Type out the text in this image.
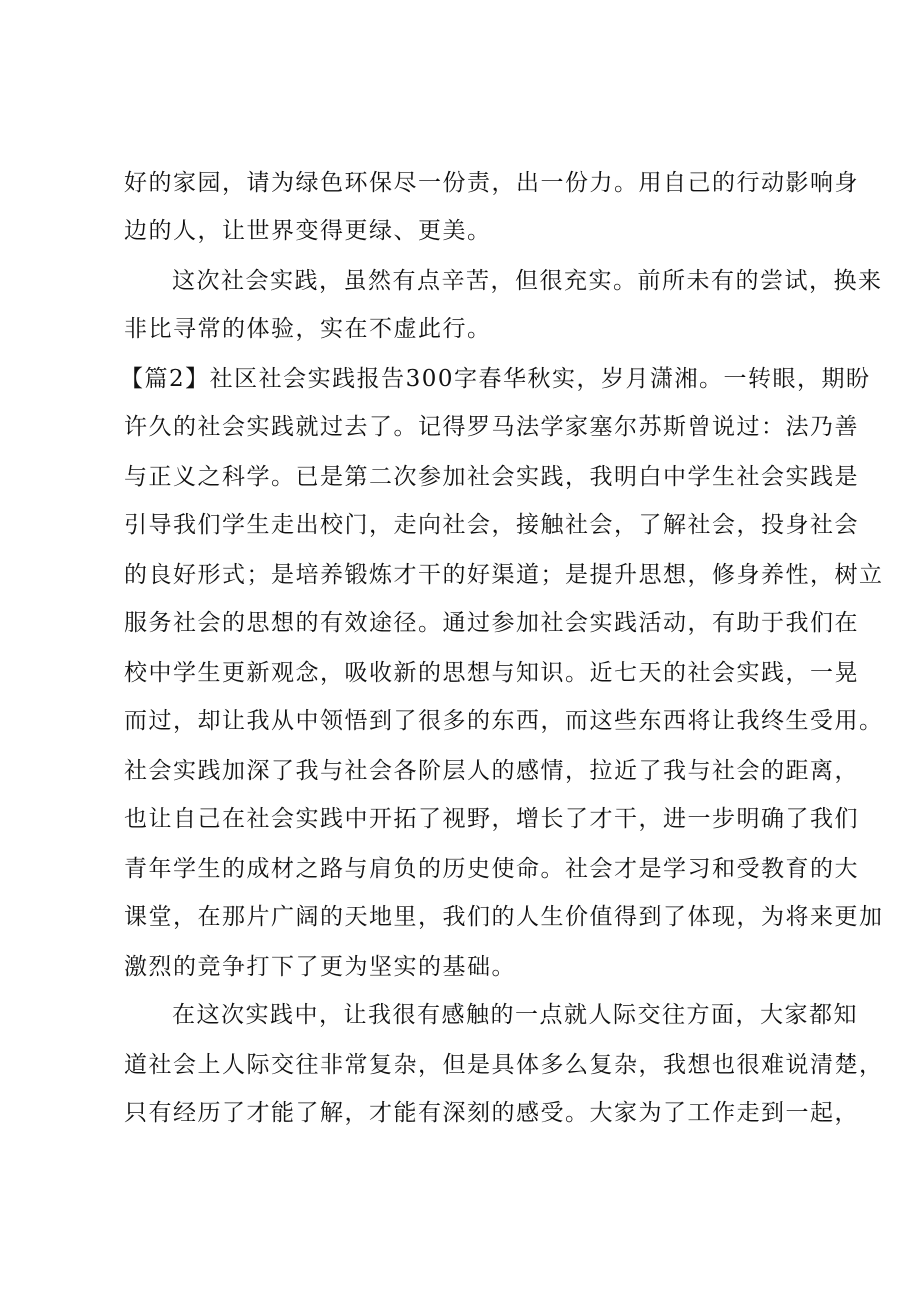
好的家园，请为绿色环保尽一份责，出一份力。用自己的行动影响身
边的人，让世界变得更绿、更美。
这次社会实践，虽然有点辛苦，但很充实。前所未有的尝试，换来
非比寻常的体验，实在不虚此行。
【篇2】社区社会实践报告300字春华秋实，岁月潇湘。一转眼，期盼
许久的社会实践就过去了。记得罗马法学家塞尔苏斯曾说过：法乃善
与正义之科学。已是第二次参加社会实践，我明白中学生社会实践是
引导我们学生走出校门，走向社会，接触社会，了解社会，投身社会
的良好形式；是培养锻炼才干的好渠道；是提升思想，修身养性，树立
服务社会的思想的有效途径。通过参加社会实践活动，有助于我们在
校中学生更新观念，吸收新的思想与知识。近七天的社会实践，一晃
而过，却让我从中领悟到了很多的东西，而这些东西将让我终生受用。
社会实践加深了我与社会各阶层人的感情，拉近了我与社会的距离，
也让自己在社会实践中开拓了视野，增长了才干，进一步明确了我们
青年学生的成材之路与肩负的历史使命。社会才是学习和受教育的大
课堂，在那片广阔的天地里，我们的人生价值得到了体现，为将来更加
激烈的竞争打下了更为坚实的基础。
在这次实践中，让我很有感触的一点就人际交往方面，大家都知
道社会上人际交往非常复杂，但是具体多么复杂，我想也很难说清楚，
只有经历了才能了解，才能有深刻的感受。大家为了工作走到一起，
